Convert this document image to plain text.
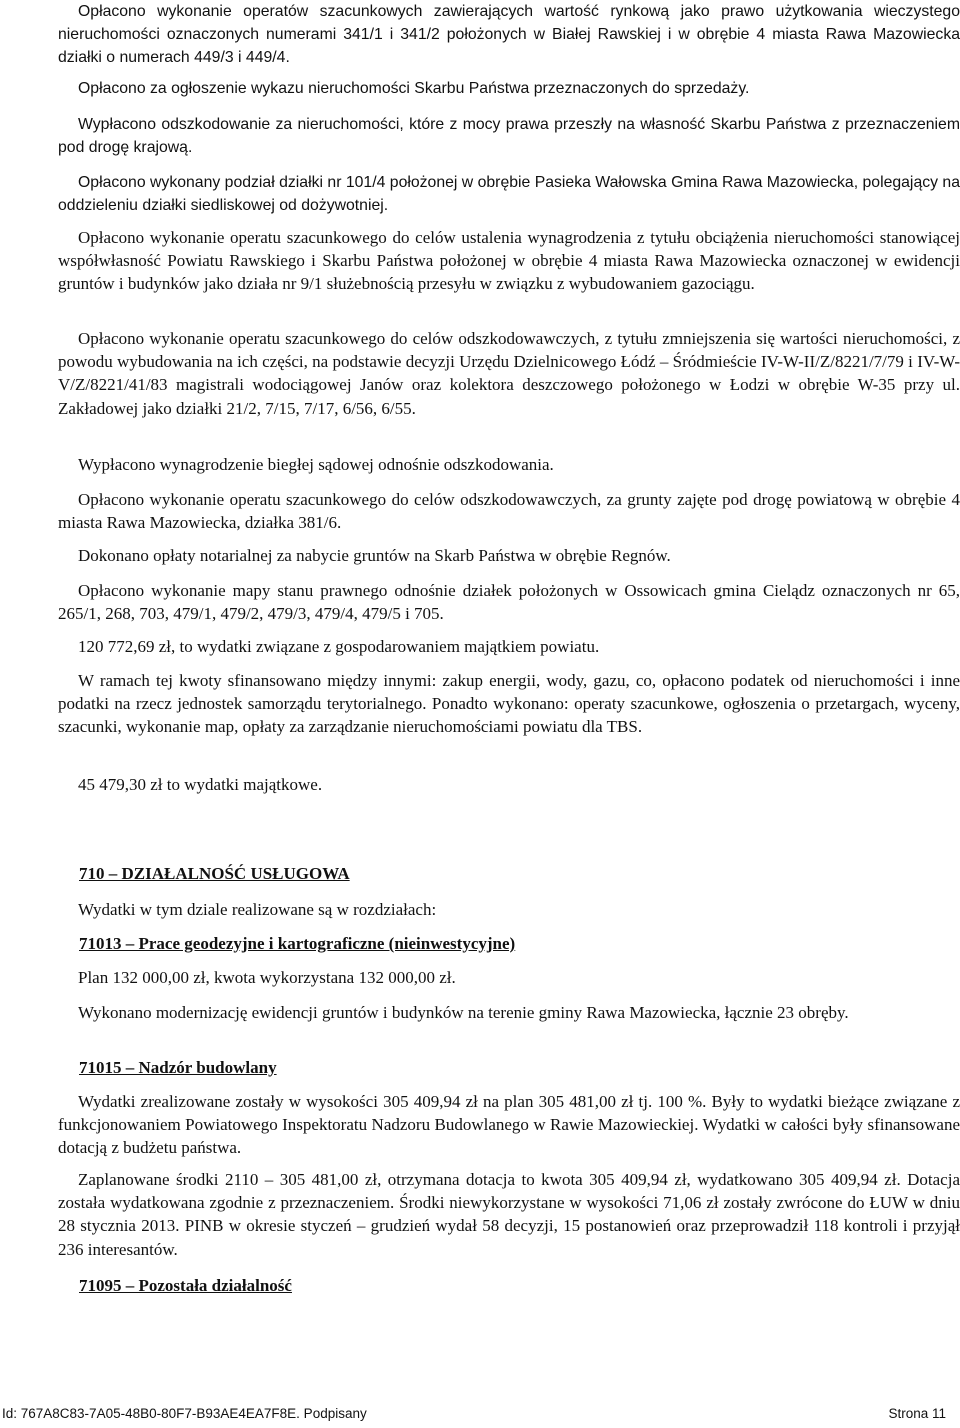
Opłacono wykonanie operatów szacunkowych zawierających wartość rynkową jako prawo użytkowania wieczystego nieruchomości oznaczonych numerami 341/1 i 341/2 położonych w Białej Rawskiej i w obrębie 4 miasta Rawa Mazowiecka działki o numerach 449/3 i 449/4.

Opłacono za ogłoszenie wykazu nieruchomości Skarbu Państwa przeznaczonych do sprzedaży.

Wypłacono odszkodowanie za nieruchomości, które z mocy prawa przeszły na własność Skarbu Państwa z przeznaczeniem pod drogę krajową.

Opłacono wykonany podział działki nr 101/4 położonej w obrębie Pasieka Wałowska Gmina Rawa Mazowiecka, polegający na oddzieleniu działki siedliskowej od dożywotniej.

Opłacono wykonanie operatu szacunkowego do celów ustalenia wynagrodzenia z tytułu obciążenia nieruchomości stanowiącej współwłasność Powiatu Rawskiego i Skarbu Państwa położonej w obrębie 4 miasta Rawa Mazowiecka oznaczonej w ewidencji gruntów i budynków jako działa nr 9/1 służebnością przesyłu w związku z wybudowaniem gazociągu.

Opłacono wykonanie operatu szacunkowego do celów odszkodowawczych, z tytułu zmniejszenia się wartości nieruchomości, z powodu wybudowania na ich części, na podstawie decyzji Urzędu Dzielnicowego Łódź – Śródmieście IV-W-II/Z/8221/7/79 i IV-W-V/Z/8221/41/83 magistrali wodociągowej Janów oraz kolektora deszczowego położonego w Łodzi w obrębie W-35 przy ul. Zakładowej jako działki 21/2, 7/15, 7/17, 6/56, 6/55.

Wypłacono wynagrodzenie biegłej sądowej odnośnie odszkodowania.

Opłacono wykonanie operatu szacunkowego do celów odszkodowawczych, za grunty zajęte pod drogę powiatową w obrębie 4 miasta Rawa Mazowiecka, działka 381/6.

Dokonano opłaty notarialnej za nabycie gruntów na Skarb Państwa w obrębie Regnów.

Opłacono wykonanie mapy stanu prawnego odnośnie działek położonych w Ossowicach gmina Cielądz oznaczonych nr 65, 265/1, 268, 703, 479/1, 479/2, 479/3, 479/4, 479/5 i 705.

120 772,69 zł, to wydatki związane z gospodarowaniem majątkiem powiatu.

W ramach tej kwoty sfinansowano między innymi: zakup energii, wody, gazu, co, opłacono podatek od nieruchomości i inne podatki na rzecz jednostek samorządu terytorialnego. Ponadto wykonano: operaty szacunkowe, ogłoszenia o przetargach, wyceny, szacunki, wykonanie map, opłaty za zarządzanie nieruchomościami powiatu dla TBS.

45 479,30 zł to wydatki majątkowe.

710 – DZIAŁALNOŚĆ USŁUGOWA

Wydatki w tym dziale realizowane są w rozdziałach:

71013 – Prace geodezyjne i kartograficzne (nieinwestycyjne)

Plan 132 000,00 zł, kwota wykorzystana 132 000,00 zł.

Wykonano modernizację ewidencji gruntów i budynków na terenie gminy Rawa Mazowiecka, łącznie 23 obręby.

71015 – Nadzór budowlany

Wydatki zrealizowane zostały w wysokości 305 409,94 zł na plan 305 481,00 zł tj. 100 %. Były to wydatki bieżące związane z funkcjonowaniem Powiatowego Inspektoratu Nadzoru Budowlanego w Rawie Mazowieckiej. Wydatki w całości były sfinansowane dotacją z budżetu państwa.

Zaplanowane środki 2110 – 305 481,00 zł, otrzymana dotacja to kwota 305 409,94 zł, wydatkowano 305 409,94 zł. Dotacja została wydatkowana zgodnie z przeznaczeniem. Środki niewykorzystane w wysokości 71,06 zł zostały zwrócone do ŁUW w dniu 28 stycznia 2013. PINB w okresie styczeń – grudzień wydał 58 decyzji, 15 postanowień oraz przeprowadził 118 kontroli i przyjął 236 interesantów.

71095 – Pozostała działalność

Id: 767A8C83-7A05-48B0-80F7-B93AE4EA7F8E. Podpisany	Strona 11
